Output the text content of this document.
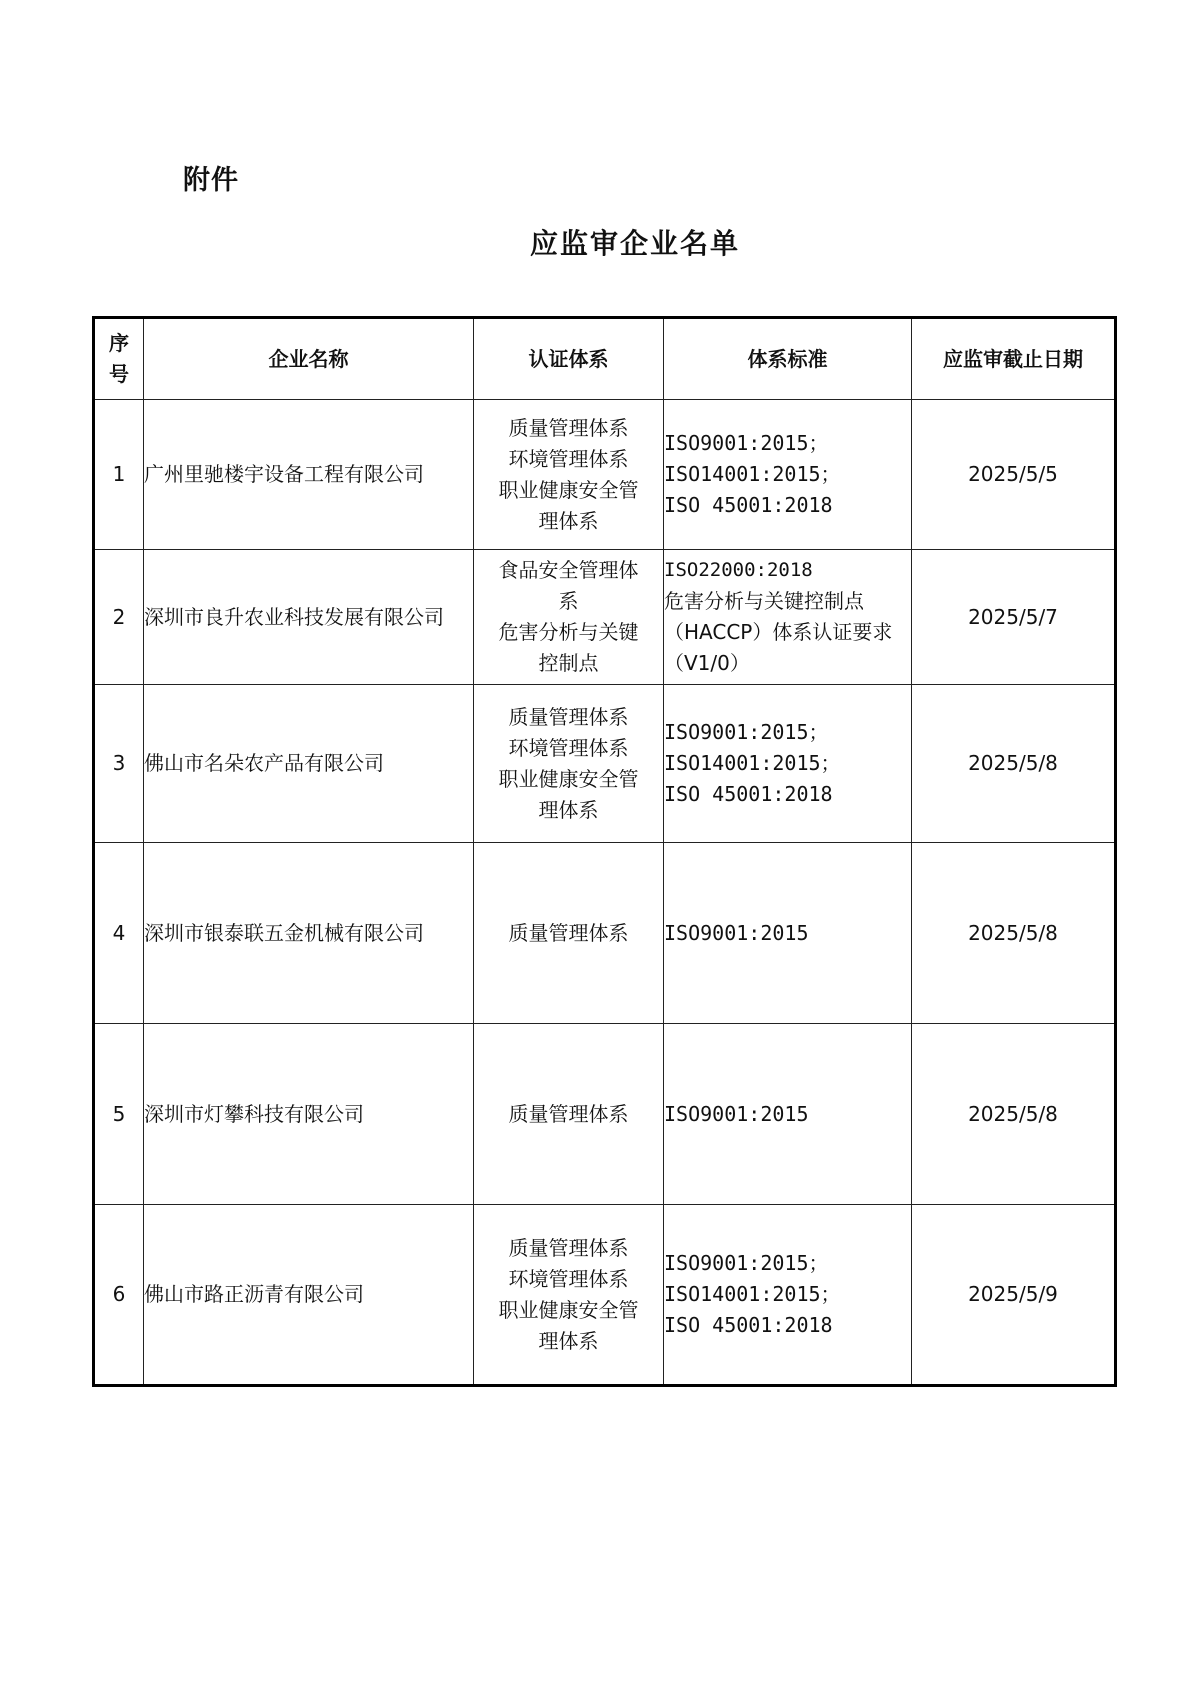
附件
应监审企业名单
序
号	企业名称	认证体系	体系标准	应监审截止日期
1	广州里驰楼宇设备工程有限公司	质量管理体系
环境管理体系
职业健康安全管
理体系	ISO9001:2015；
ISO14001:2015；
ISO 45001:2018	2025/5/5
2	深圳市良升农业科技发展有限公司	食品安全管理体
系
危害分析与关键
控制点	ISO22000:2018
危害分析与关键控制点
（HACCP）体系认证要求
（V1/0）	2025/5/7
3	佛山市名朵农产品有限公司	质量管理体系
环境管理体系
职业健康安全管
理体系	ISO9001:2015；
ISO14001:2015；
ISO 45001:2018	2025/5/8
4	深圳市银泰联五金机械有限公司	质量管理体系	ISO9001:2015	2025/5/8
5	深圳市灯攀科技有限公司	质量管理体系	ISO9001:2015	2025/5/8
6	佛山市路正沥青有限公司	质量管理体系
环境管理体系
职业健康安全管
理体系	ISO9001:2015；
ISO14001:2015；
ISO 45001:2018	2025/5/9
